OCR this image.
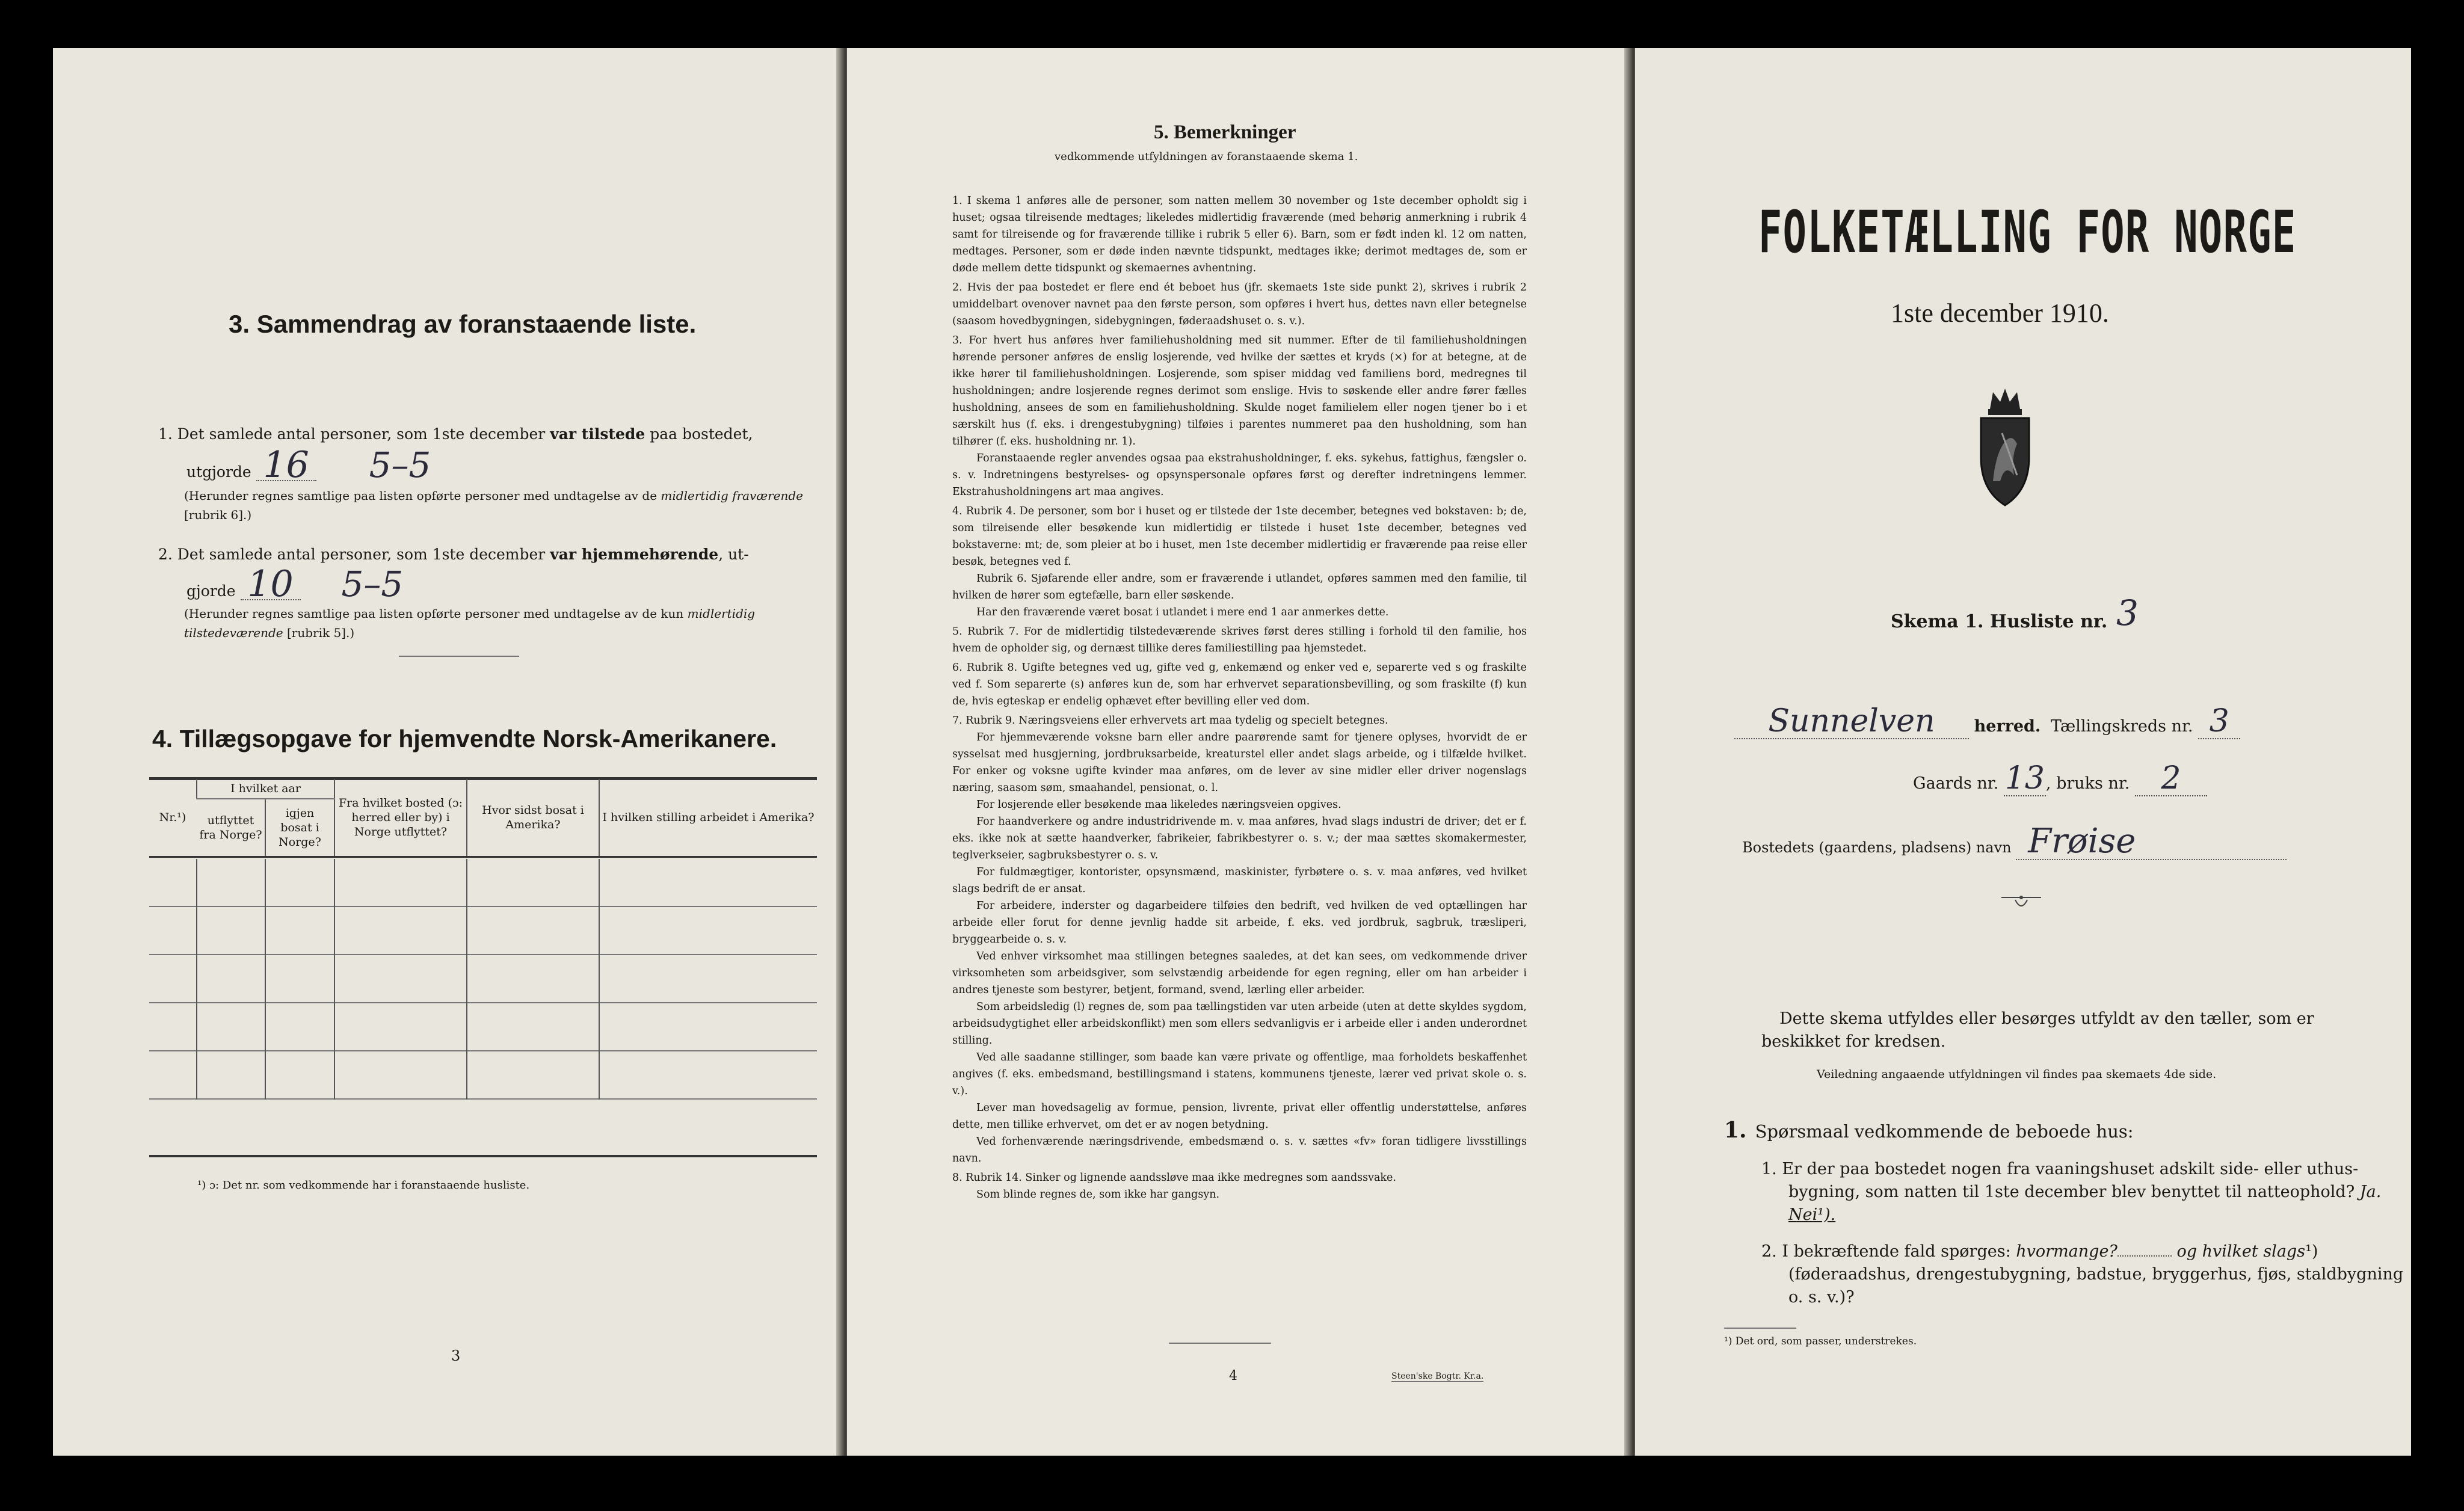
3. Sammendrag av foranstaaende liste.
1. Det samlede antal personer, som 1ste december var tilstede paa bostedet,
utgjorde 16 5–5
(Herunder regnes samtlige paa listen opførte personer med undtagelse av de midlertidig fraværende [rubrik 6].)
2. Det samlede antal personer, som 1ste december var hjemmehørende, ut-
gjorde 10 5–5
(Herunder regnes samtlige paa listen opførte personer med undtagelse av de kun midlertidig tilstedeværende [rubrik 5].)
4. Tillægsopgave for hjemvendte Norsk-Amerikanere.
Nr.¹)	I hvilket aar		Fra hvilket bosted (ɔ: herred eller by) i Norge utflyttet?	Hvor sidst bosat i Amerika?	I hvilken stilling arbeidet i Amerika?
	utflyttet fra Norge?	igjen bosat i Norge?			

¹) ɔ: Det nr. som vedkommende har i foranstaaende husliste.
3
5. Bemerkninger
vedkommende utfyldningen av foranstaaende skema 1.

1. I skema 1 anføres alle de personer, som natten mellem 30 november og 1ste december opholdt sig i huset; ogsaa tilreisende medtages; likeledes midlertidig fraværende (med behørig anmerkning i rubrik 4 samt for tilreisende og for fraværende tillike i rubrik 5 eller 6). Barn, som er født inden kl. 12 om natten, medtages. Personer, som er døde inden nævnte tidspunkt, medtages ikke; derimot medtages de, som er døde mellem dette tidspunkt og skemaernes avhentning.

2. Hvis der paa bostedet er flere end ét beboet hus (jfr. skemaets 1ste side punkt 2), skrives i rubrik 2 umiddelbart ovenover navnet paa den første person, som opføres i hvert hus, dettes navn eller betegnelse (saasom hovedbygningen, sidebygningen, føderaadshuset o. s. v.).

3. For hvert hus anføres hver familiehusholdning med sit nummer. Efter de til familiehusholdningen hørende personer anføres de enslig losjerende, ved hvilke der sættes et kryds (×) for at betegne, at de ikke hører til familiehusholdningen. Losjerende, som spiser middag ved familiens bord, medregnes til husholdningen; andre losjerende regnes derimot som enslige. Hvis to søskende eller andre fører fælles husholdning, ansees de som en familiehusholdning. Skulde noget familielem eller nogen tjener bo i et særskilt hus (f. eks. i drengestubygning) tilføies i parentes nummeret paa den husholdning, som han tilhører (f. eks. husholdning nr. 1).

Foranstaaende regler anvendes ogsaa paa ekstrahusholdninger, f. eks. sykehus, fattighus, fængsler o. s. v. Indretningens bestyrelses- og opsynspersonale opføres først og derefter indretningens lemmer. Ekstrahusholdningens art maa angives.

4. Rubrik 4. De personer, som bor i huset og er tilstede der 1ste december, betegnes ved bokstaven: b; de, som tilreisende eller besøkende kun midlertidig er tilstede i huset 1ste december, betegnes ved bokstaverne: mt; de, som pleier at bo i huset, men 1ste december midlertidig er fraværende paa reise eller besøk, betegnes ved f.

Rubrik 6. Sjøfarende eller andre, som er fraværende i utlandet, opføres sammen med den familie, til hvilken de hører som egtefælle, barn eller søskende.

Har den fraværende været bosat i utlandet i mere end 1 aar anmerkes dette.

5. Rubrik 7. For de midlertidig tilstedeværende skrives først deres stilling i forhold til den familie, hos hvem de opholder sig, og dernæst tillike deres familiestilling paa hjemstedet.

6. Rubrik 8. Ugifte betegnes ved ug, gifte ved g, enkemænd og enker ved e, separerte ved s og fraskilte ved f. Som separerte (s) anføres kun de, som har erhvervet separationsbevilling, og som fraskilte (f) kun de, hvis egteskap er endelig ophævet efter bevilling eller ved dom.

7. Rubrik 9. Næringsveiens eller erhvervets art maa tydelig og specielt betegnes.

For hjemmeværende voksne barn eller andre paarørende samt for tjenere oplyses, hvorvidt de er sysselsat med husgjerning, jordbruksarbeide, kreaturstel eller andet slags arbeide, og i tilfælde hvilket. For enker og voksne ugifte kvinder maa anføres, om de lever av sine midler eller driver nogenslags næring, saasom søm, smaahandel, pensionat, o. l.

For losjerende eller besøkende maa likeledes næringsveien opgives.

For haandverkere og andre industridrivende m. v. maa anføres, hvad slags industri de driver; det er f. eks. ikke nok at sætte haandverker, fabrikeier, fabrikbestyrer o. s. v.; der maa sættes skomakermester, teglverkseier, sagbruksbestyrer o. s. v.

For fuldmægtiger, kontorister, opsynsmænd, maskinister, fyrbøtere o. s. v. maa anføres, ved hvilket slags bedrift de er ansat.

For arbeidere, inderster og dagarbeidere tilføies den bedrift, ved hvilken de ved optællingen har arbeide eller forut for denne jevnlig hadde sit arbeide, f. eks. ved jordbruk, sagbruk, træsliperi, bryggearbeide o. s. v.

Ved enhver virksomhet maa stillingen betegnes saaledes, at det kan sees, om vedkommende driver virksomheten som arbeidsgiver, som selvstændig arbeidende for egen regning, eller om han arbeider i andres tjeneste som bestyrer, betjent, formand, svend, lærling eller arbeider.

Som arbeidsledig (l) regnes de, som paa tællingstiden var uten arbeide (uten at dette skyldes sygdom, arbeidsudygtighet eller arbeidskonflikt) men som ellers sedvanligvis er i arbeide eller i anden underordnet stilling.

Ved alle saadanne stillinger, som baade kan være private og offentlige, maa forholdets beskaffenhet angives (f. eks. embedsmand, bestillingsmand i statens, kommunens tjeneste, lærer ved privat skole o. s. v.).

Lever man hovedsagelig av formue, pension, livrente, privat eller offentlig understøttelse, anføres dette, men tillike erhvervet, om det er av nogen betydning.

Ved forhenværende næringsdrivende, embedsmænd o. s. v. sættes «fv» foran tidligere livsstillings navn.

8. Rubrik 14. Sinker og lignende aandssløve maa ikke medregnes som aandssvake.

Som blinde regnes de, som ikke har gangsyn.

4	Steen'ske Bogtr. Kr.a.
FOLKETÆLLING FOR NORGE
1ste december 1910.
Skema 1. Husliste nr. 3
Sunnelven herred. Tællingskreds nr. 3
Gaards nr. 13, bruks nr. 2
Bostedets (gaardens, pladsens) navn Frøise
Dette skema utfyldes eller besørges utfyldt av den tæller, som er beskikket for kredsen.
Veiledning angaaende utfyldningen vil findes paa skemaets 4de side.
1. Spørsmaal vedkommende de beboede hus:
1. Er der paa bostedet nogen fra vaaningshuset adskilt side- eller uthus-bygning, som natten til 1ste december blev benyttet til natteophold? Ja. Nei¹).
2. I bekræftende fald spørges: hvormange?	og hvilket slags¹) (føderaadshus, drengestubygning, badstue, bryggerhus, fjøs, staldbygning o. s. v.)?
¹) Det ord, som passer, understrekes.
